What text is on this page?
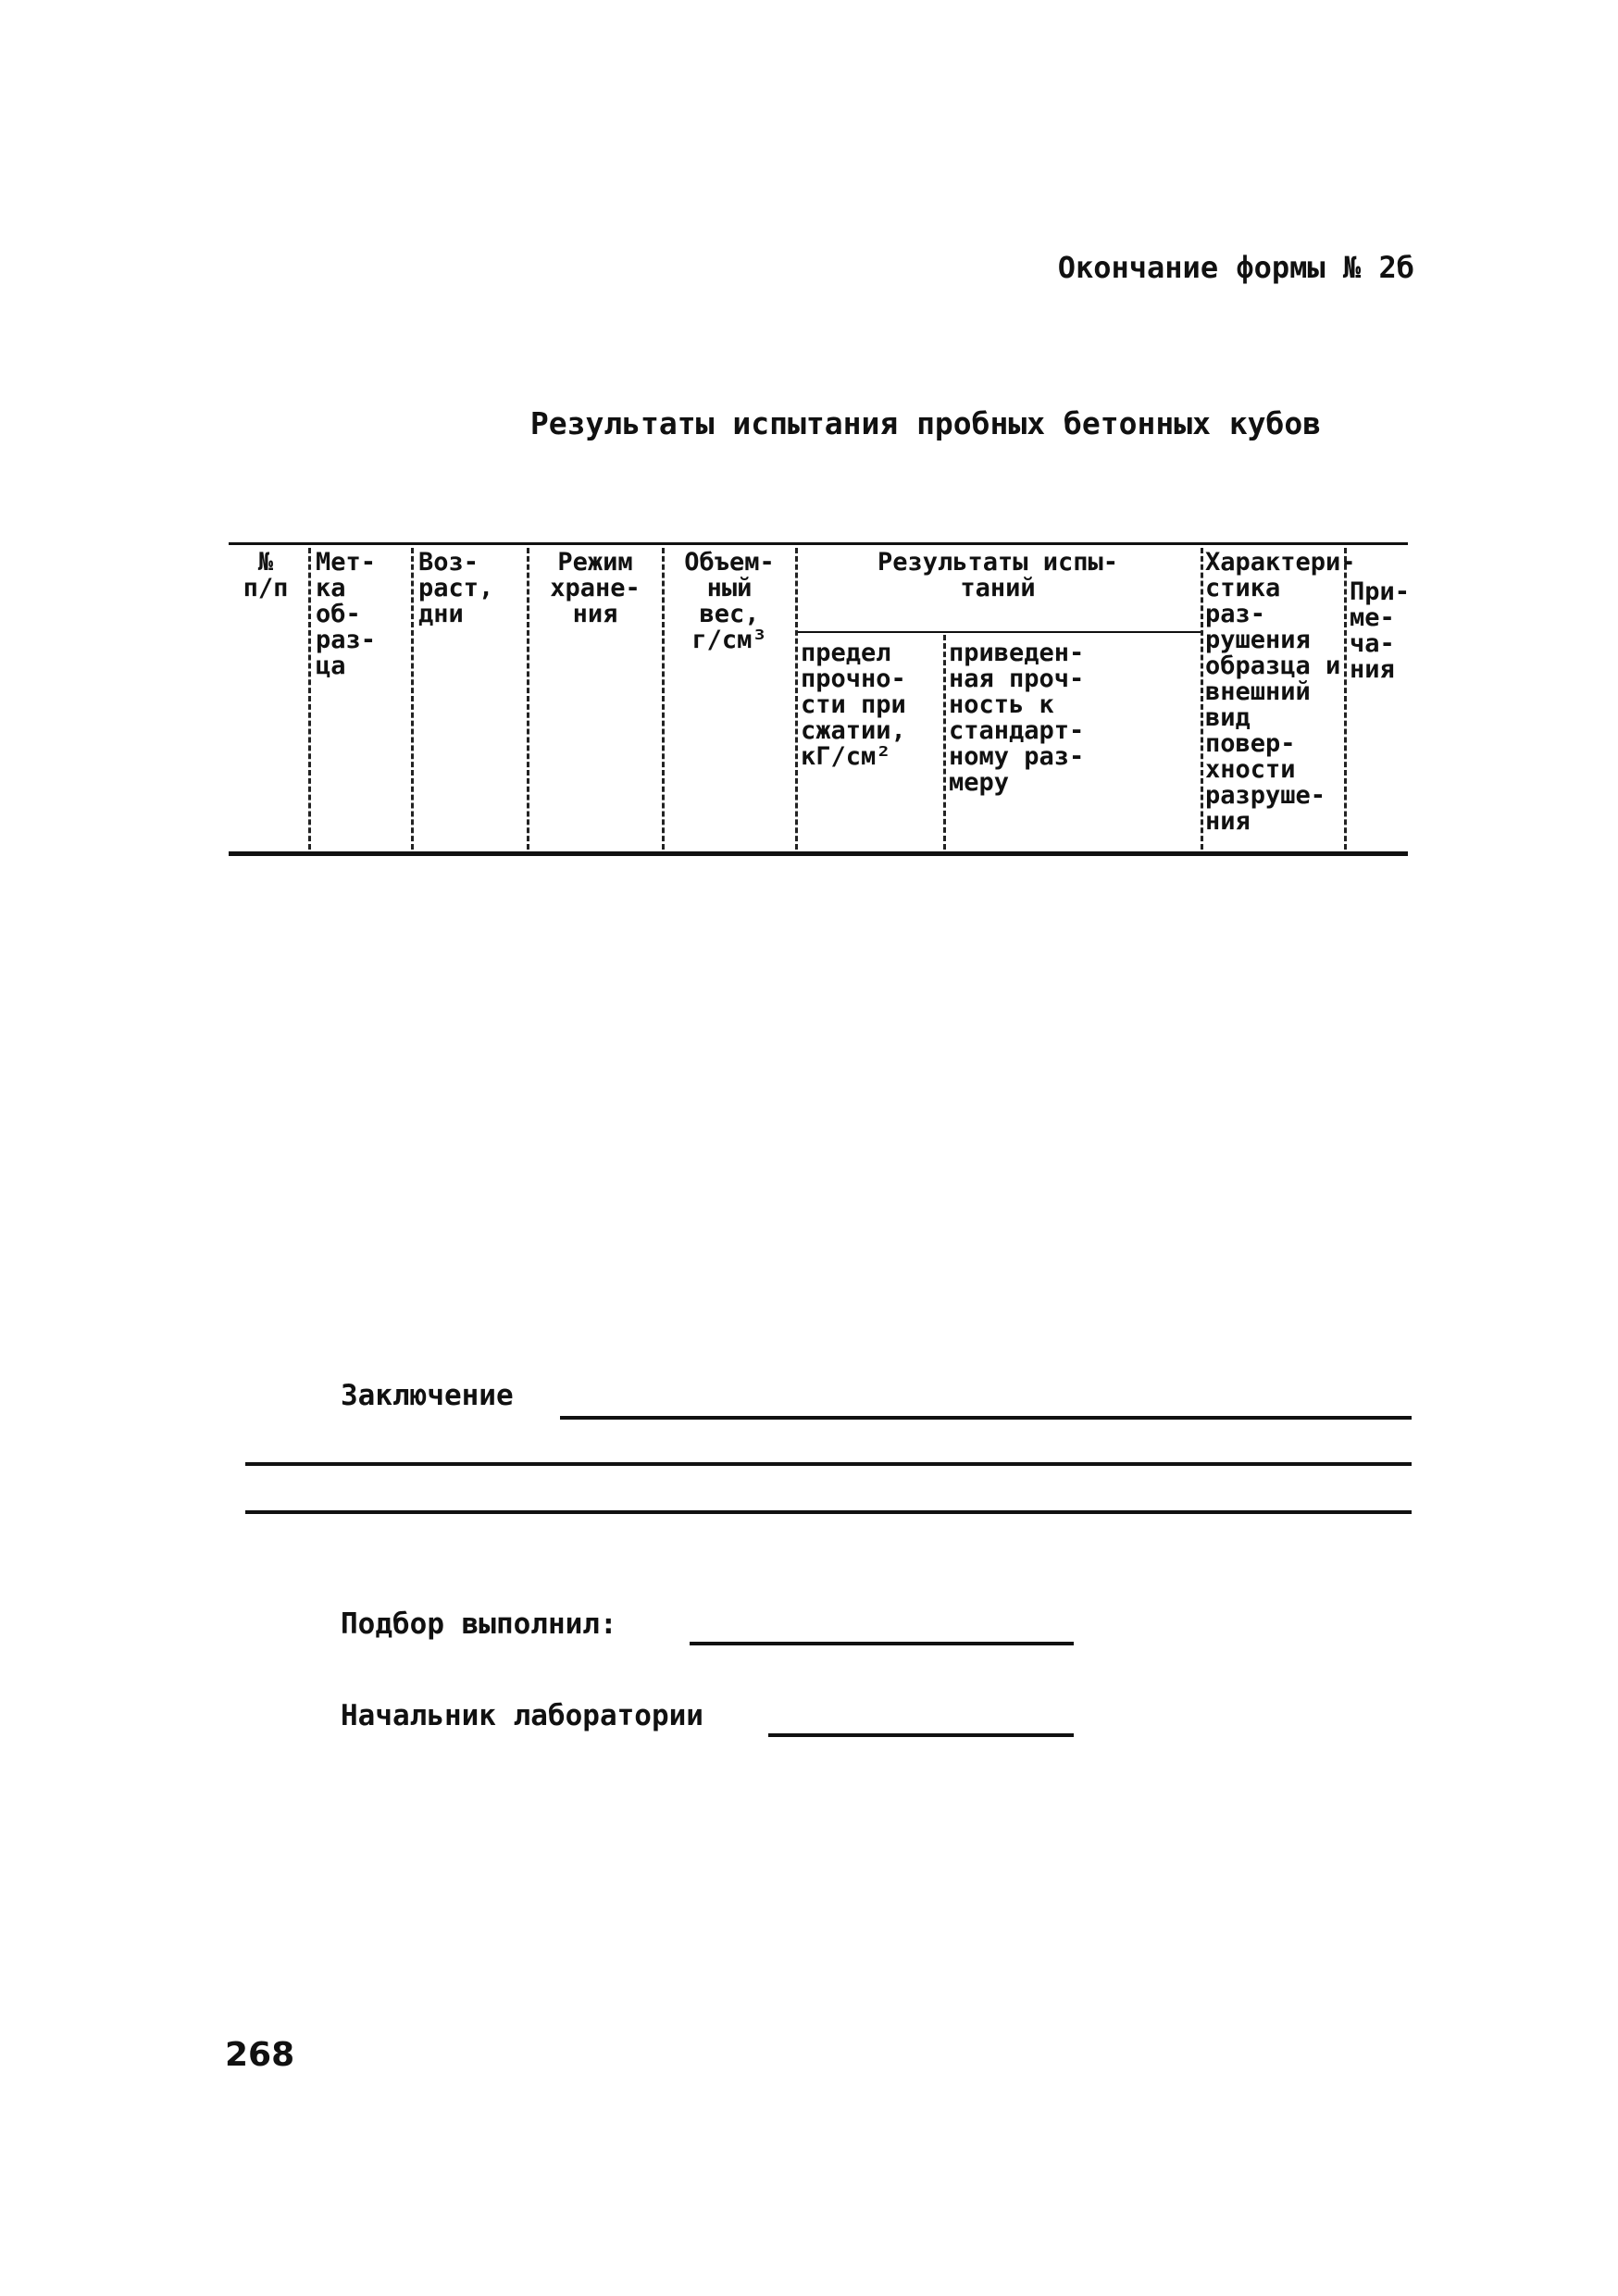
Окончание формы № 2б
Результаты испытания пробных бетонных кубов
№
п/п
Мет-
ка
об-
раз-
ца
Воз-
раст,
дни
Режим
хране-
ния
Объем-
ный
вес,
г/см³
Результаты испы-
таний
предел
прочно-
сти при
сжатии,
кГ/см²
приведен-
ная проч-
ность к
стандарт-
ному раз-
меру
Характери-
стика раз-
рушения
образца и
внешний
вид повер-
хности
разруше-
ния
При-
ме-
ча-
ния
Заключение
Подбор выполнил:
Начальник лаборатории
268
